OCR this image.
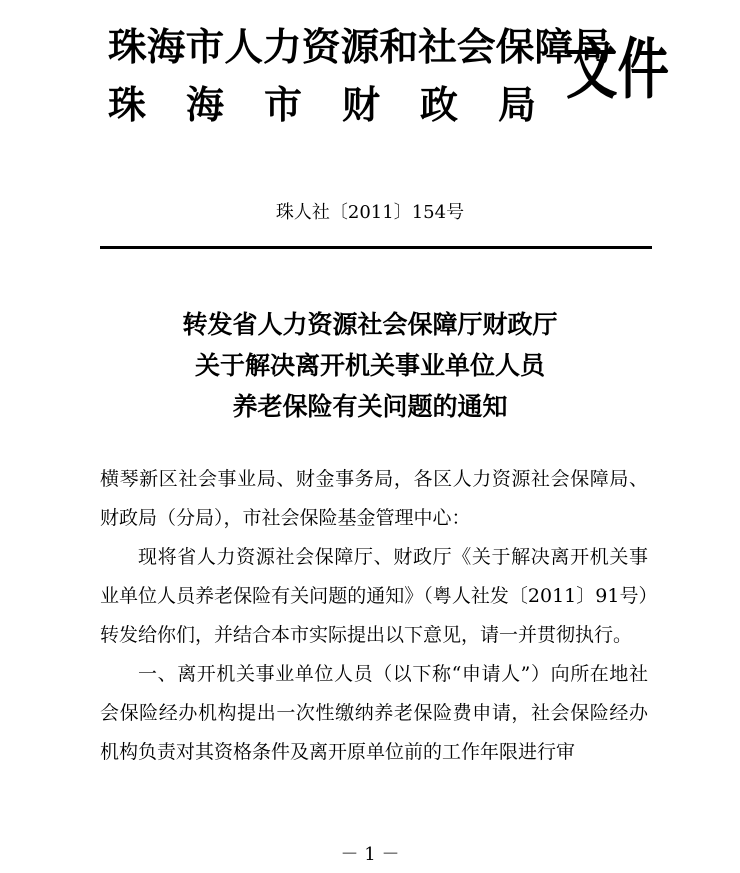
珠海市人力资源和社会保障局
珠海市财政局
文件
珠人社〔2011〕154号
转发省人力资源社会保障厅财政厅
关于解决离开机关事业单位人员
养老保险有关问题的通知

横琴新区社会事业局、财金事务局，各区人力资源社会保障局、财政局（分局），市社会保险基金管理中心：

现将省人力资源社会保障厅、财政厅《关于解决离开机关事业单位人员养老保险有关问题的通知》（粤人社发〔2011〕91号）转发给你们，并结合本市实际提出以下意见，请一并贯彻执行。

一、离开机关事业单位人员（以下称“申请人”）向所在地社会保险经办机构提出一次性缴纳养老保险费申请，社会保险经办机构负责对其资格条件及离开原单位前的工作年限进行审

－ 1 －
